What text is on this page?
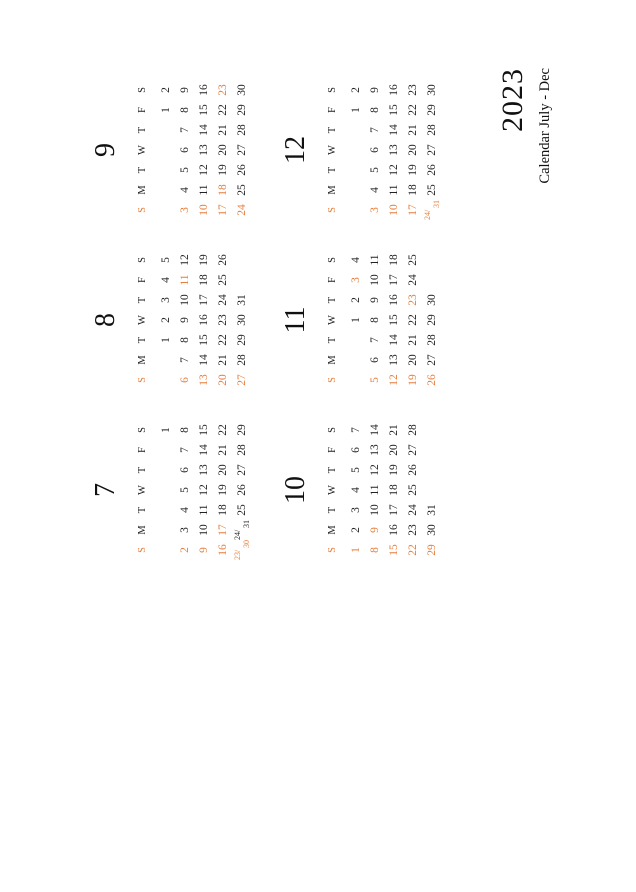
7
S
M
T
W
T
F
S	1
2
3
4
5
6
7
8
9
10
11
12
13
14
15
16
17
18
19
20
21
22
23/
30
24/
31
25
26
27
28
29
8
S
M
T
W
T
F
S
1
2
3
4
5
6
7
8
9
10
11
12
13
14
15
16
17
18
19
20
21
22
23
24
25
26
27
28
29
30
31
9
S
M
T
W
T
F
S
1
2
3
4
5
6
7
8
9
10
11
12
13
14
15
16
17
18
19
20
21
22
23
24
25
26
27
28
29
30
10
S
M
T
W
T
F
S
1
2
3
4
5
6
7
8
9
10
11
12
13
14
15
16
17
18
19
20
21
22
23
24
25
26
27
28
29
30
31
11
S
M
T
W
T
F
S
1
2
3
4
5
6
7
8
9
10
11
12
13
14
15
16
17
18
19
20
21
22
23
24
25
26
27
28
29
30
12
S
M
T
W
T
F
S
1
2
3
4
5
6
7
8
9
10
11
12
13
14
15
16
17
18
19
20
21
22
23
24/
31
25
26
27
28
29
30 2023 Calendar July - Dec
